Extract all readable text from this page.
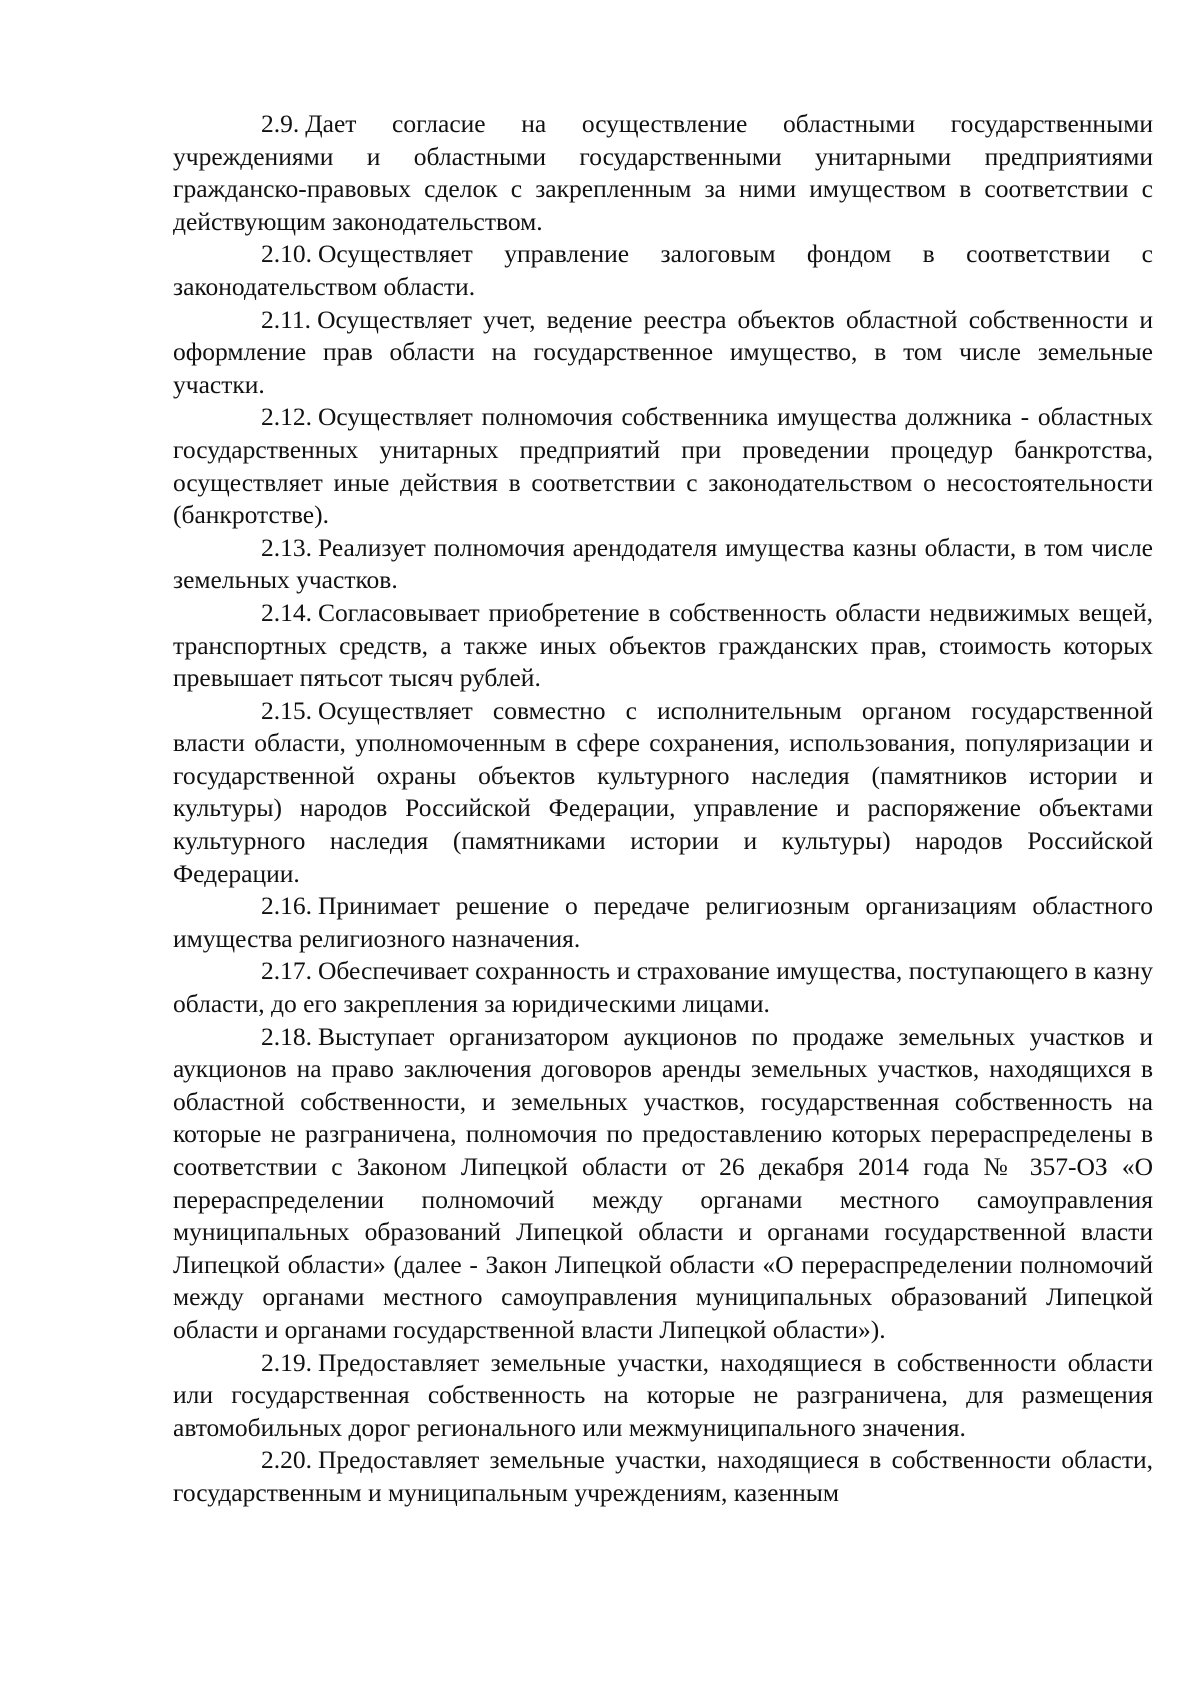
2.9. Дает согласие на осуществление областными государственными учреждениями и областными государственными унитарными предприятиями гражданско-правовых сделок с закрепленным за ними имуществом в соответствии с действующим законодательством.

2.10. Осуществляет управление залоговым фондом в соответствии с законодательством области.

2.11. Осуществляет учет, ведение реестра объектов областной собственности и оформление прав области на государственное имущество, в том числе земельные участки.

2.12. Осуществляет полномочия собственника имущества должника - областных государственных унитарных предприятий при проведении процедур банкротства, осуществляет иные действия в соответствии с законодательством о несостоятельности (банкротстве).

2.13. Реализует полномочия арендодателя имущества казны области, в том числе земельных участков.

2.14. Согласовывает приобретение в собственность области недвижимых вещей, транспортных средств, а также иных объектов гражданских прав, стоимость которых превышает пятьсот тысяч рублей.

2.15. Осуществляет совместно с исполнительным органом государственной власти области, уполномоченным в сфере сохранения, использования, популяризации и государственной охраны объектов культурного наследия (памятников истории и культуры) народов Российской Федерации, управление и распоряжение объектами культурного наследия (памятниками истории и культуры) народов Российской Федерации.

2.16. Принимает решение о передаче религиозным организациям областного имущества религиозного назначения.

2.17. Обеспечивает сохранность и страхование имущества, поступающего в казну области, до его закрепления за юридическими лицами.

2.18. Выступает организатором аукционов по продаже земельных участков и аукционов на право заключения договоров аренды земельных участков, находящихся в областной собственности, и земельных участков, государственная собственность на которые не разграничена, полномочия по предоставлению которых перераспределены в соответствии с Законом Липецкой области от 26 декабря 2014 года № 357-ОЗ «О перераспределении полномочий между органами местного самоуправления муниципальных образований Липецкой области и органами государственной власти Липецкой области» (далее - Закон Липецкой области «О перераспределении полномочий между органами местного самоуправления муниципальных образований Липецкой области и органами государственной власти Липецкой области»).

2.19. Предоставляет земельные участки, находящиеся в собственности области или государственная собственность на которые не разграничена, для размещения автомобильных дорог регионального или межмуниципального значения.

2.20. Предоставляет земельные участки, находящиеся в собственности области, государственным и муниципальным учреждениям, казенным
